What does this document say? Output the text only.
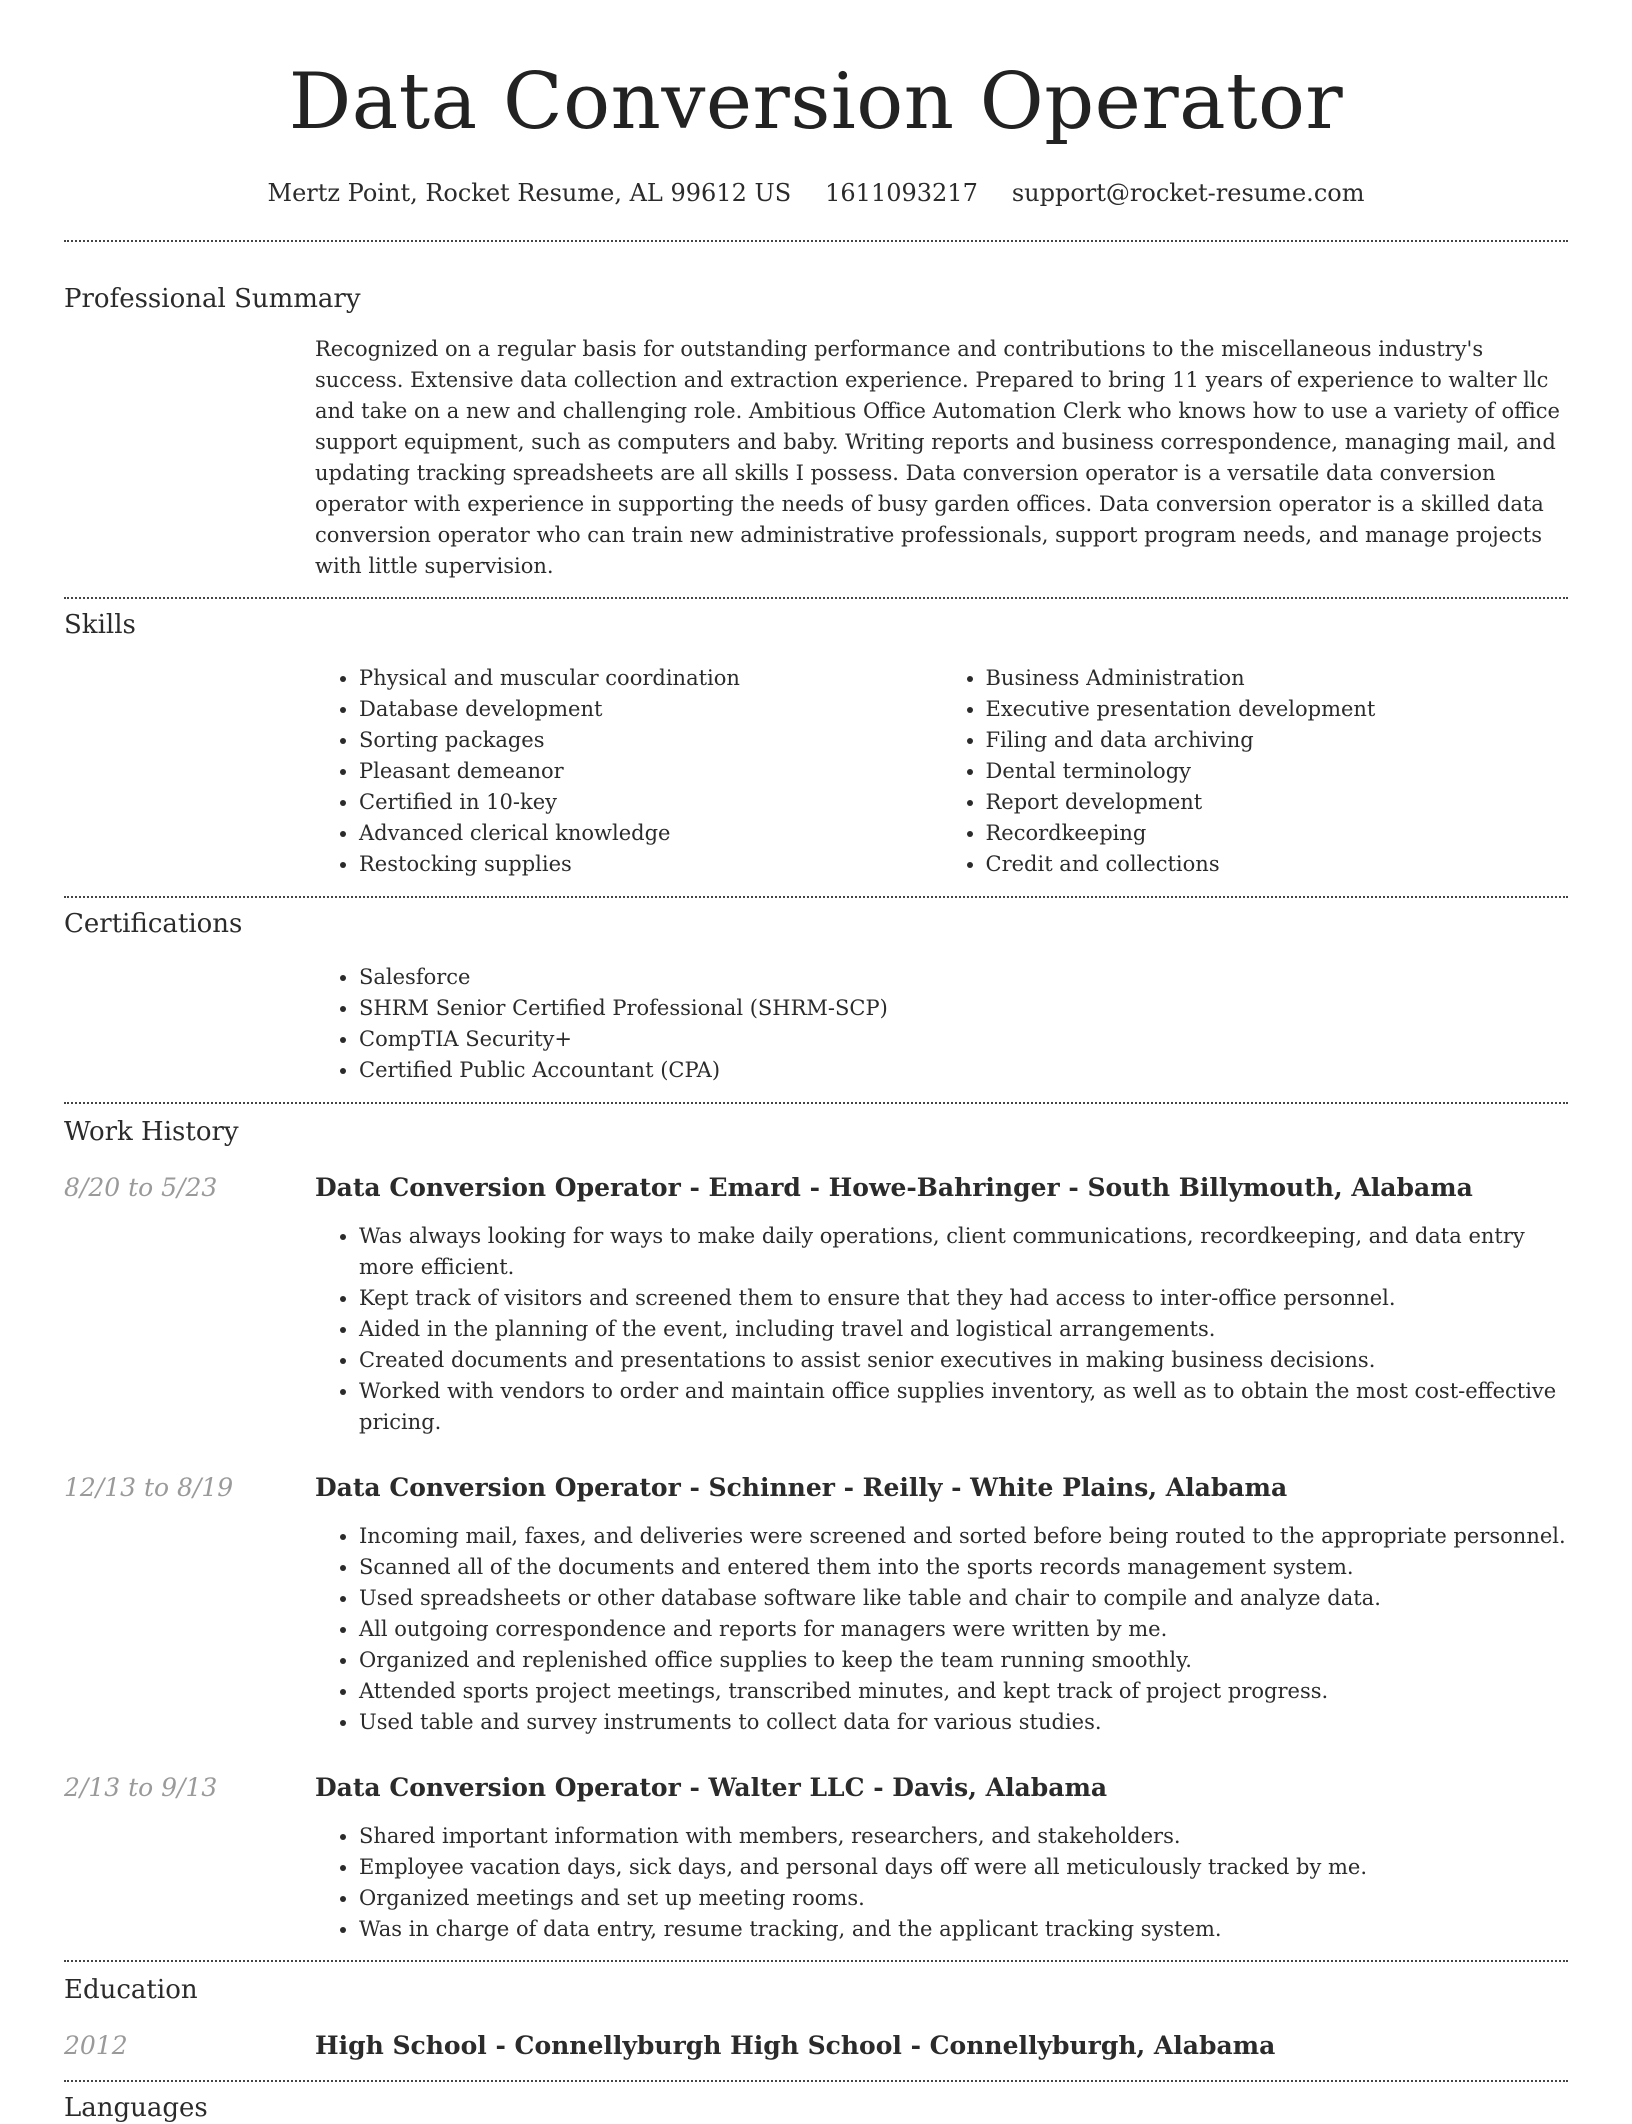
Data Conversion Operator
Mertz Point, Rocket Resume, AL 99612 US 1611093217 support@rocket-resume.com
Professional Summary

Recognized on a regular basis for outstanding performance and contributions to the miscellaneous industry's success. Extensive data collection and extraction experience. Prepared to bring 11 years of experience to walter llc and take on a new and challenging role. Ambitious Office Automation Clerk who knows how to use a variety of office support equipment, such as computers and baby. Writing reports and business correspondence, managing mail, and updating tracking spreadsheets are all skills I possess. Data conversion operator is a versatile data conversion operator with experience in supporting the needs of busy garden offices. Data conversion operator is a skilled data conversion operator who can train new administrative professionals, support program needs, and manage projects with little supervision.

Skills
• Physical and muscular coordination
• Database development
• Sorting packages
• Pleasant demeanor
• Certified in 10-key
• Advanced clerical knowledge
• Restocking supplies
• Business Administration
• Executive presentation development
• Filing and data archiving
• Dental terminology
• Report development
• Recordkeeping
• Credit and collections
Certifications
• Salesforce
• SHRM Senior Certified Professional (SHRM-SCP)
• CompTIA Security+
• Certified Public Accountant (CPA)
Work History
8/20 to 5/23	Data Conversion Operator - Emard - Howe-Bahringer - South Billymouth, Alabama
• Was always looking for ways to make daily operations, client communications, recordkeeping, and data entry more efficient.
• Kept track of visitors and screened them to ensure that they had access to inter-office personnel.
• Aided in the planning of the event, including travel and logistical arrangements.
• Created documents and presentations to assist senior executives in making business decisions.
• Worked with vendors to order and maintain office supplies inventory, as well as to obtain the most cost-effective pricing.
12/13 to 8/19	Data Conversion Operator - Schinner - Reilly - White Plains, Alabama
• Incoming mail, faxes, and deliveries were screened and sorted before being routed to the appropriate personnel.
• Scanned all of the documents and entered them into the sports records management system.
• Used spreadsheets or other database software like table and chair to compile and analyze data.
• All outgoing correspondence and reports for managers were written by me.
• Organized and replenished office supplies to keep the team running smoothly.
• Attended sports project meetings, transcribed minutes, and kept track of project progress.
• Used table and survey instruments to collect data for various studies.
2/13 to 9/13	Data Conversion Operator - Walter LLC - Davis, Alabama
• Shared important information with members, researchers, and stakeholders.
• Employee vacation days, sick days, and personal days off were all meticulously tracked by me.
• Organized meetings and set up meeting rooms.
• Was in charge of data entry, resume tracking, and the applicant tracking system.
Education
2012	High School - Connellyburgh High School - Connellyburgh, Alabama
Languages
